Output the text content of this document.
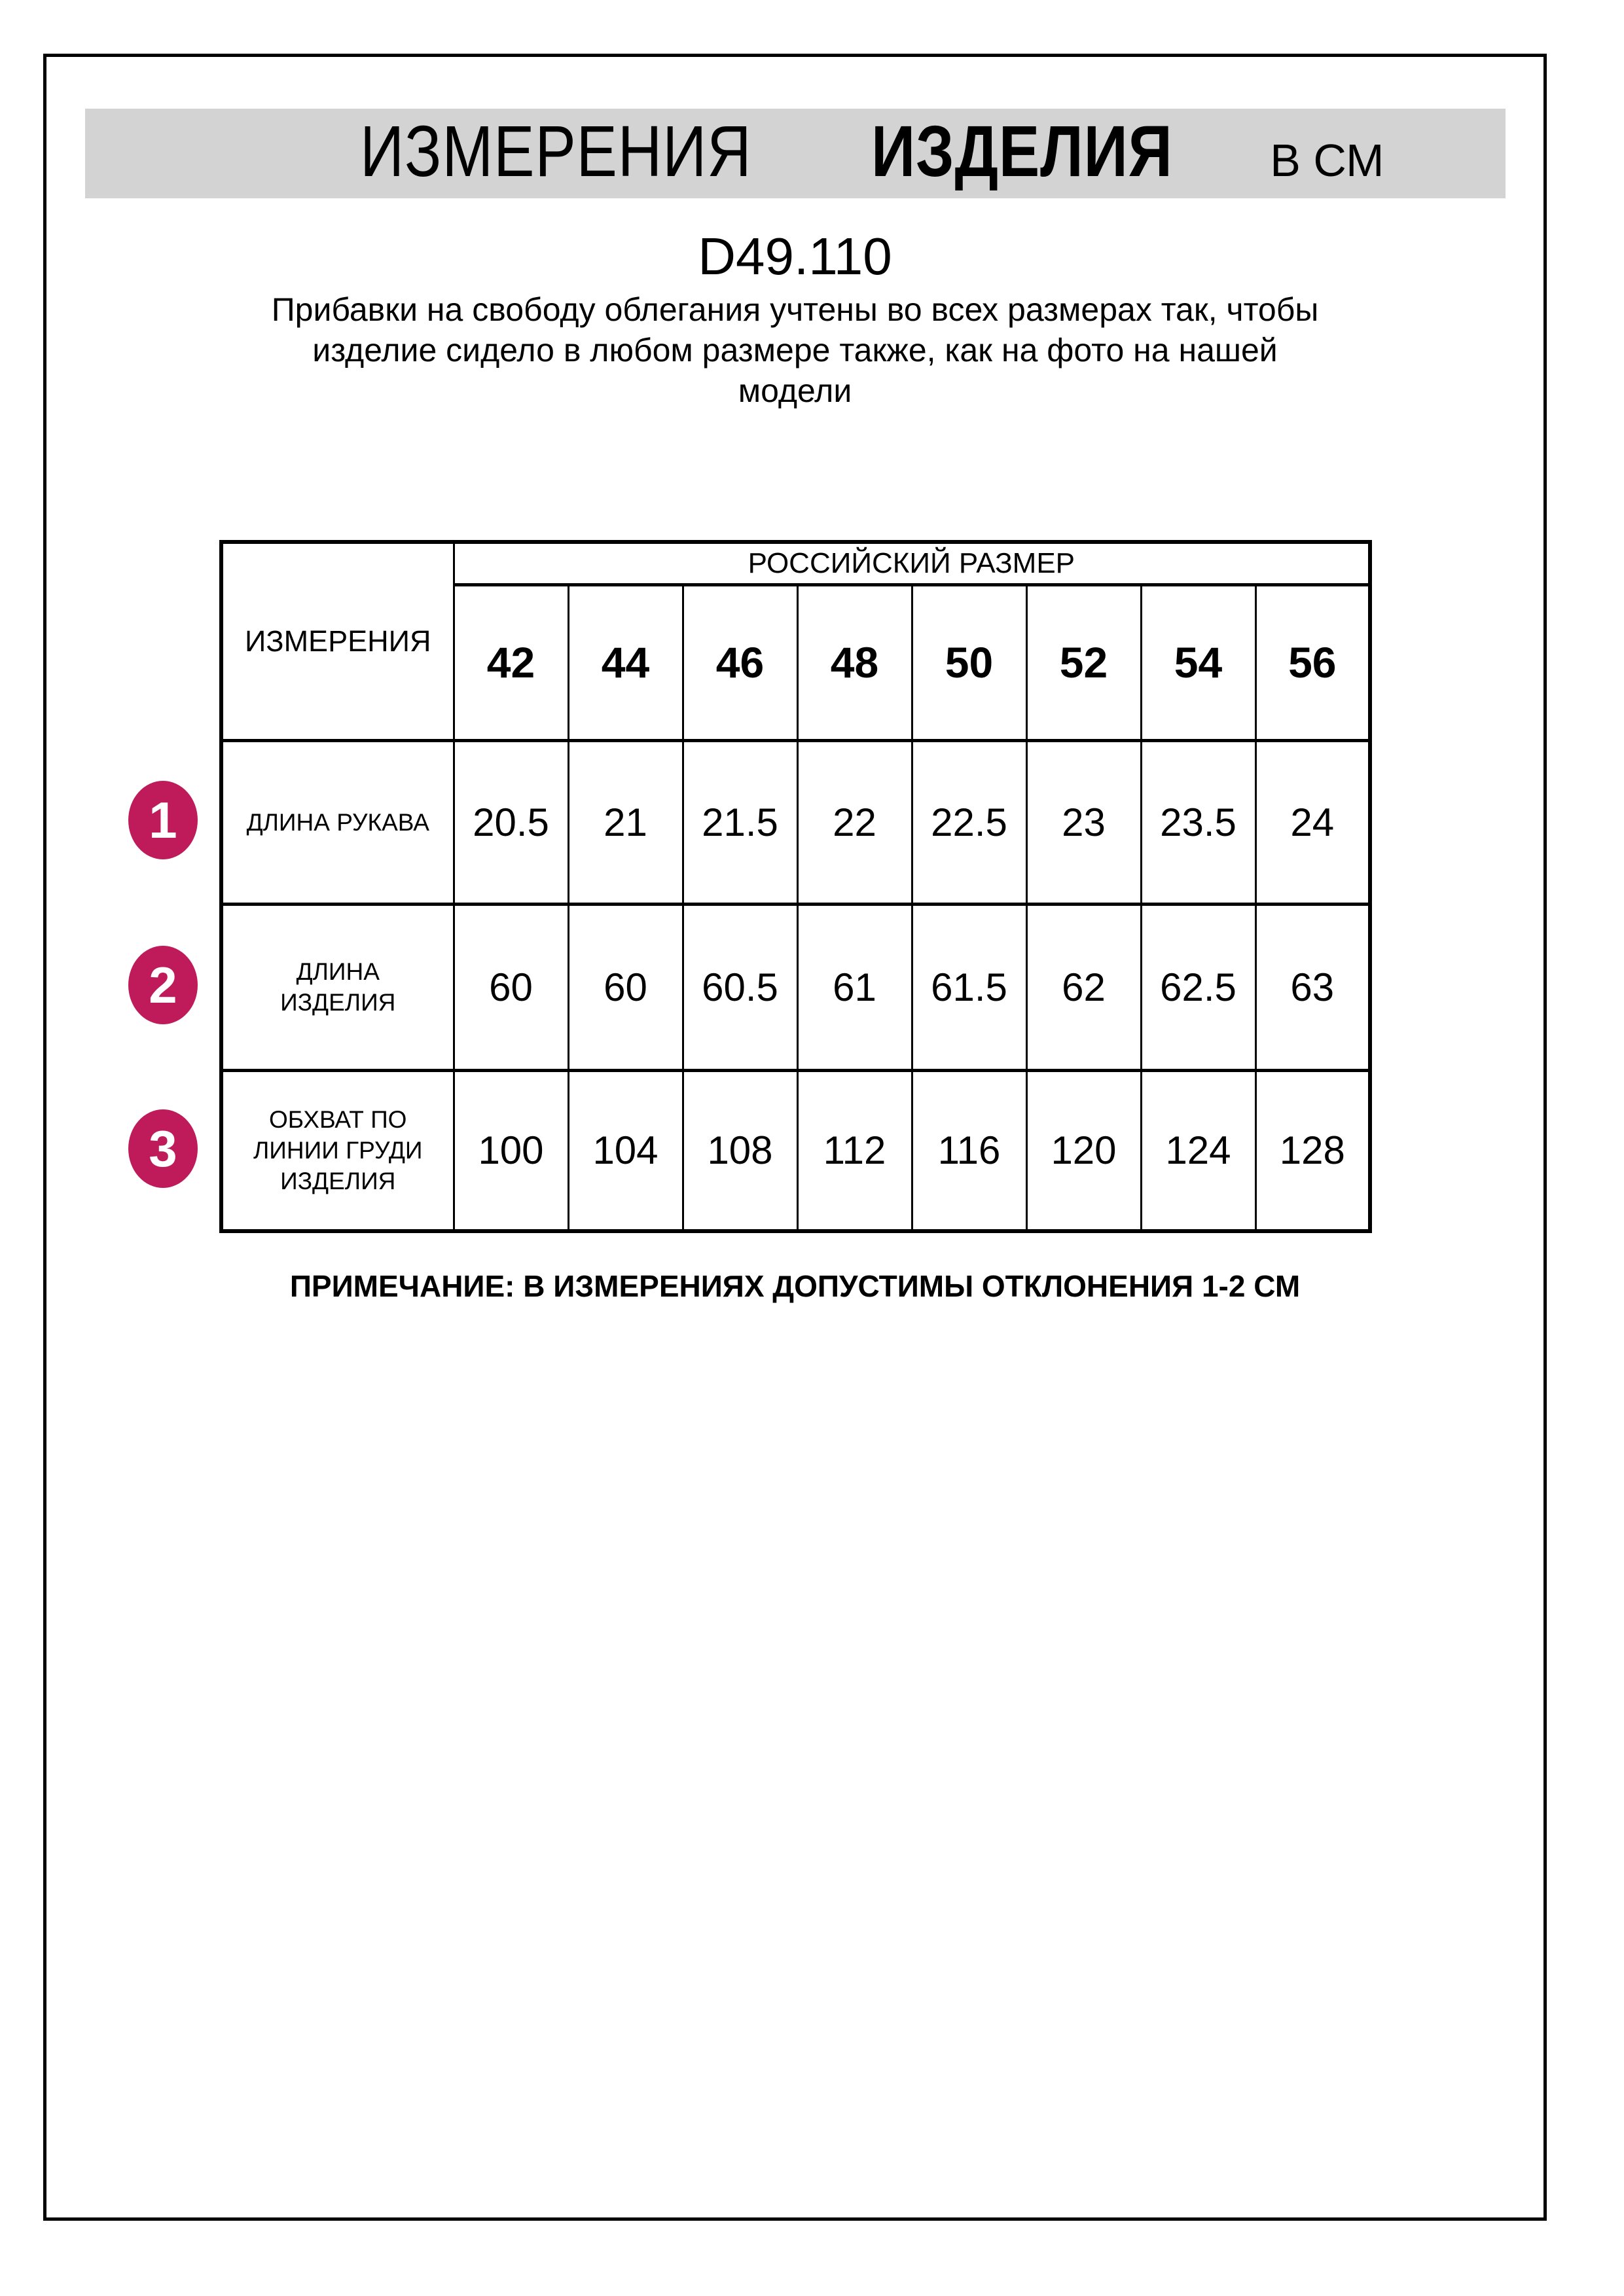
ИЗМЕРЕНИЯ ИЗДЕЛИЯ В СМ
D49.110
Прибавки на свободу облегания учтены во всех размерах так, чтобы
изделие сидело в любом размере также, как на фото на нашей
модели
ИЗМЕРЕНИЯ	РОССИЙСКИЙ РАЗМЕР							
	42	44	46	48	50	52	54	56

ДЛИНА РУКАВА	20.5	21	21.5	22	22.5	23	23.5	24

ДЛИНА
ИЗДЕЛИЯ	60	60	60.5	61	61.5	62	62.5	63

ОБХВАТ ПО
ЛИНИИ ГРУДИ
ИЗДЕЛИЯ	100	104	108	112	116	120	124	128
1
2
3
ПРИМЕЧАНИЕ: В ИЗМЕРЕНИЯХ ДОПУСТИМЫ ОТКЛОНЕНИЯ 1-2 СМ
